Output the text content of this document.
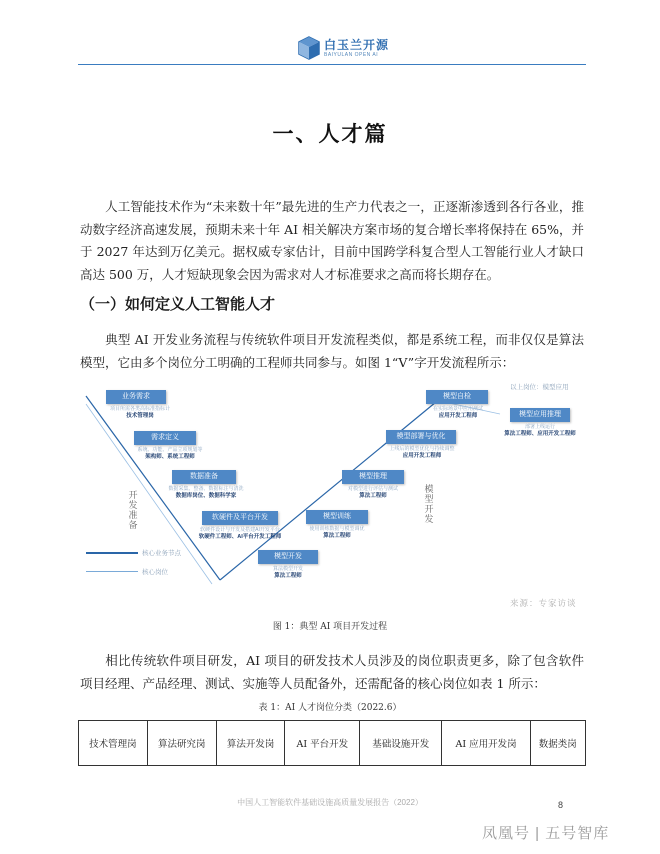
白玉兰开源
BAIYULAN OPEN AI
一、人才篇
人工智能技术作为“未来数十年”最先进的生产力代表之一，正逐渐渗透到各行各业，推动数字经济高速发展，预期未来十年 AI 相关解决方案市场的复合增长率将保持在 65%，并于 2027 年达到万亿美元。据权威专家估计，目前中国跨学科复合型人工智能行业人才缺口高达 500 万，人才短缺现象会因为需求对人才标准要求之高而将长期存在。
（一）如何定义人工智能人才
典型 AI 开发业务流程与传统软件项目开发流程类似，都是系统工程，而非仅仅是算法模型，它由多个岗位分工明确的工程师共同参与。如图 1“V”字开发流程所示：
业务需求
项目所需各类高标准指标计
技术管理岗
需求定义
系统、功能、产品立项规划等
架构师、系统工程师
数据准备
数据采集、整备、数据标注与清洗
数据库岗位、数据科学家
软硬件及平台开发
软硬件设计与开发及搭建AI开发平台
软硬件工程师、AI平台开发工程师
模型开发
算法模型开发
算法工程师
模型训练
使用训练数据与模型调优
算法工程师
模型推理
对模型进行评估与测试
算法工程师
模型部署与优化
上线后的模型优化与持续调整
应用开发工程师
模型自检
在实际场景中应用测试
应用开发工程师
以上岗位：模型应用
模型应用推理
部署上线运行
算法工程师、应用开发工程师
开发准备
模型开发
核心业务节点
核心岗位
来源：专家访谈
图 1：典型 AI 项目开发过程
相比传统软件项目研发，AI 项目的研发技术人员涉及的岗位职责更多，除了包含软件项目经理、产品经理、测试、实施等人员配备外，还需配备的核心岗位如表 1 所示：
表 1：AI 人才岗位分类（2022.6）
技术管理岗	算法研究岗	算法开发岗	AI 平台开发	基础设施开发	AI 应用开发岗	数据类岗
中国人工智能软件基础设施高质量发展报告（2022）	8
凤凰号 | 五号智库
